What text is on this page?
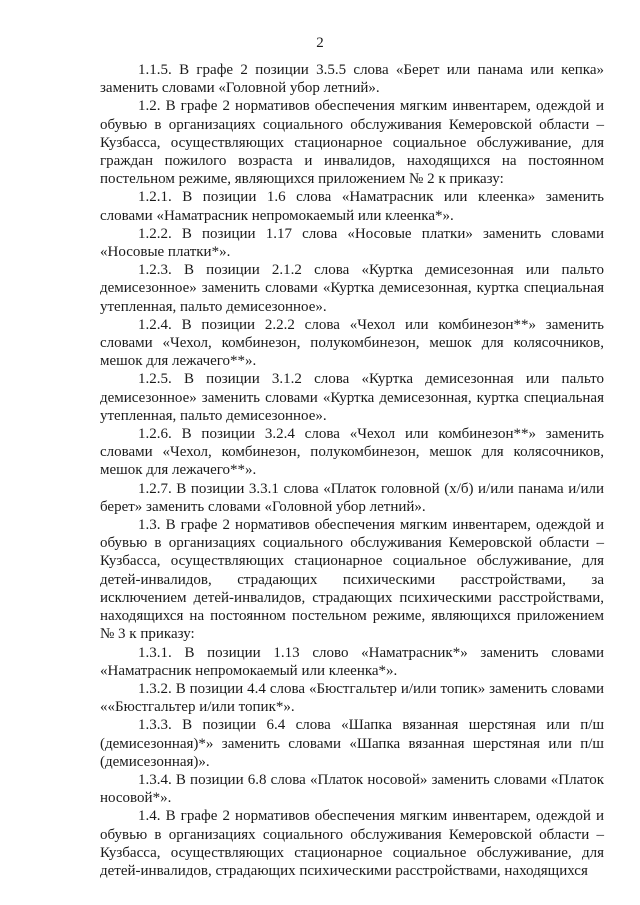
2

1.1.5. В графе 2 позиции 3.5.5 слова «Берет или панама или кепка» заменить словами «Головной убор летний».

1.2. В графе 2 нормативов обеспечения мягким инвентарем, одеждой и обувью в организациях социального обслуживания Кемеровской области – Кузбасса, осуществляющих стационарное социальное обслуживание, для граждан пожилого возраста и инвалидов, находящихся на постоянном постельном режиме, являющихся приложением № 2 к приказу:

1.2.1. В позиции 1.6 слова «Наматрасник или клеенка» заменить словами «Наматрасник непромокаемый или клеенка*».

1.2.2. В позиции 1.17 слова «Носовые платки» заменить словами «Носовые платки*».

1.2.3. В позиции 2.1.2 слова «Куртка демисезонная или пальто демисезонное» заменить словами «Куртка демисезонная, куртка специальная утепленная, пальто демисезонное».

1.2.4. В позиции 2.2.2 слова «Чехол или комбинезон**» заменить словами «Чехол, комбинезон, полукомбинезон, мешок для колясочников, мешок для лежачего**».

1.2.5. В позиции 3.1.2 слова «Куртка демисезонная или пальто демисезонное» заменить словами «Куртка демисезонная, куртка специальная утепленная, пальто демисезонное».

1.2.6. В позиции 3.2.4 слова «Чехол или комбинезон**» заменить словами «Чехол, комбинезон, полукомбинезон, мешок для колясочников, мешок для лежачего**».

1.2.7. В позиции 3.3.1 слова «Платок головной (х/б) и/или панама и/или берет» заменить словами «Головной убор летний».

1.3. В графе 2 нормативов обеспечения мягким инвентарем, одеждой и обувью в организациях социального обслуживания Кемеровской области – Кузбасса, осуществляющих стационарное социальное обслуживание, для детей-инвалидов, страдающих психическими расстройствами, за исключением детей-инвалидов, страдающих психическими расстройствами, находящихся на постоянном постельном режиме, являющихся приложением № 3 к приказу:

1.3.1. В позиции 1.13 слово «Наматрасник*» заменить словами «Наматрасник непромокаемый или клеенка*».

1.3.2. В позиции 4.4 слова «Бюстгальтер и/или топик» заменить словами ««Бюстгальтер и/или топик*».

1.3.3. В позиции 6.4 слова «Шапка вязанная шерстяная или п/ш (демисезонная)*» заменить словами «Шапка вязанная шерстяная или п/ш (демисезонная)».

1.3.4. В позиции 6.8 слова «Платок носовой» заменить словами «Платок носовой*».

1.4. В графе 2 нормативов обеспечения мягким инвентарем, одеждой и обувью в организациях социального обслуживания Кемеровской области – Кузбасса, осуществляющих стационарное социальное обслуживание, для детей-инвалидов, страдающих психическими расстройствами, находящихся
